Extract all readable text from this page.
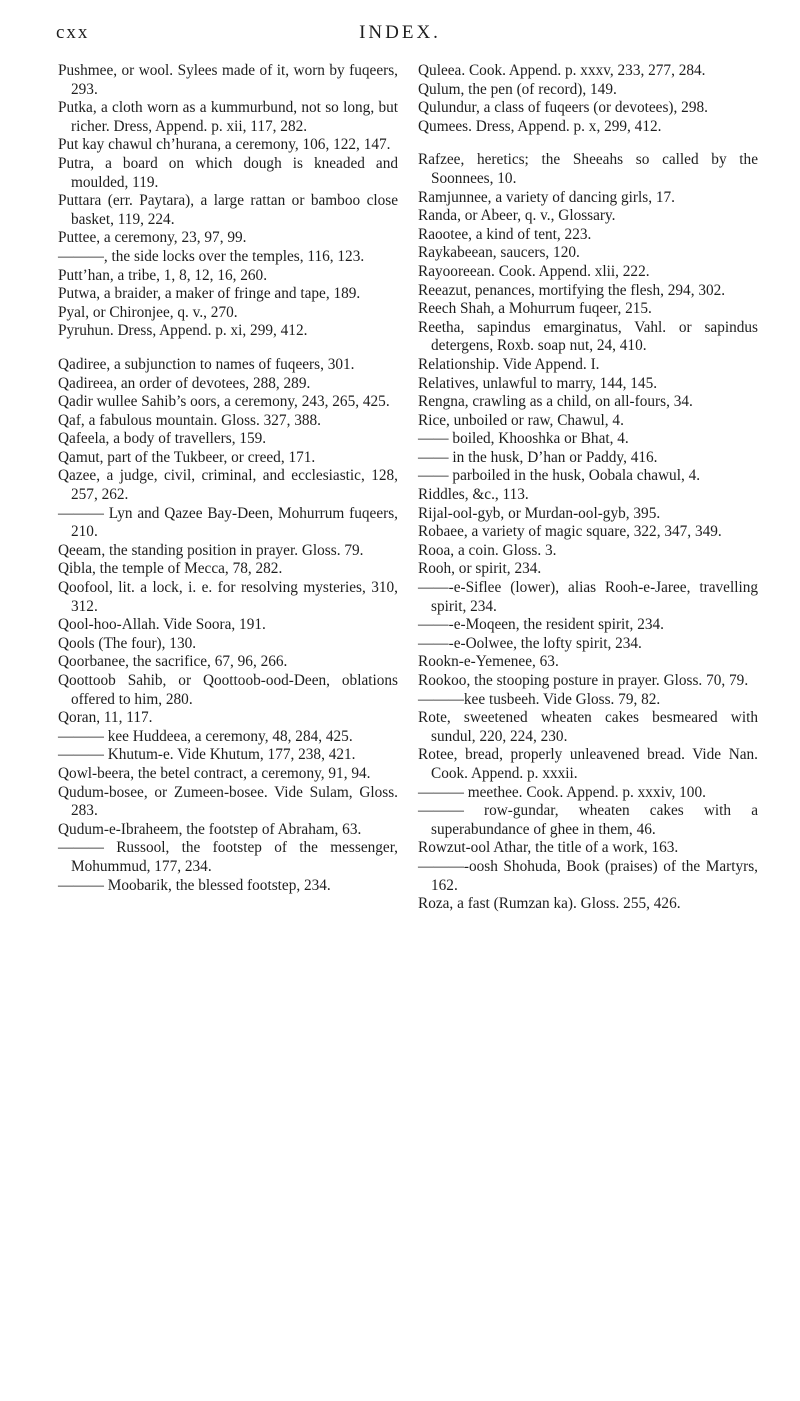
cxx	INDEX.

Pushmee, or wool. Sylees made of it, worn by fuqeers, 293.

Putka, a cloth worn as a kummurbund, not so long, but richer. Dress, Append. p. xii, 117, 282.

Put kay chawul ch’hurana, a ceremony, 106, 122, 147.

Putra, a board on which dough is kneaded and moulded, 119.

Puttara (err. Paytara), a large rattan or bamboo close basket, 119, 224.

Puttee, a ceremony, 23, 97, 99.

———, the side locks over the temples, 116, 123.

Putt’han, a tribe, 1, 8, 12, 16, 260.

Putwa, a braider, a maker of fringe and tape, 189.

Pyal, or Chironjee, q. v., 270.

Pyruhun. Dress, Append. p. xi, 299, 412.

Qadiree, a subjunction to names of fuqeers, 301.

Qadireea, an order of devotees, 288, 289.

Qadir wullee Sahib’s oors, a ceremony, 243, 265, 425.

Qaf, a fabulous mountain. Gloss. 327, 388.

Qafeela, a body of travellers, 159.

Qamut, part of the Tukbeer, or creed, 171.

Qazee, a judge, civil, criminal, and ecclesiastic, 128, 257, 262.

——— Lyn and Qazee Bay-Deen, Mohurrum fuqeers, 210.

Qeeam, the standing position in prayer. Gloss. 79.

Qibla, the temple of Mecca, 78, 282.

Qoofool, lit. a lock, i. e. for resolving mysteries, 310, 312.

Qool-hoo-Allah. Vide Soora, 191.

Qools (The four), 130.

Qoorbanee, the sacrifice, 67, 96, 266.

Qoottoob Sahib, or Qoottoob-ood-Deen, oblations offered to him, 280.

Qoran, 11, 117.

——— kee Huddeea, a ceremony, 48, 284, 425.

——— Khutum-e. Vide Khutum, 177, 238, 421.

Qowl-beera, the betel contract, a ceremony, 91, 94.

Qudum-bosee, or Zumeen-bosee. Vide Sulam, Gloss. 283.

Qudum-e-Ibraheem, the footstep of Abraham, 63.

——— Russool, the footstep of the messenger, Mohummud, 177, 234.

——— Moobarik, the blessed footstep, 234.

Quleea. Cook. Append. p. xxxv, 233, 277, 284.

Qulum, the pen (of record), 149.

Qulundur, a class of fuqeers (or devotees), 298.

Qumees. Dress, Append. p. x, 299, 412.

Rafzee, heretics; the Sheeahs so called by the Soonnees, 10.

Ramjunnee, a variety of dancing girls, 17.

Randa, or Abeer, q. v., Glossary.

Raootee, a kind of tent, 223.

Raykabeean, saucers, 120.

Rayooreean. Cook. Append. xlii, 222.

Reeazut, penances, mortifying the flesh, 294, 302.

Reech Shah, a Mohurrum fuqeer, 215.

Reetha, sapindus emarginatus, Vahl. or sapindus detergens, Roxb. soap nut, 24, 410.

Relationship. Vide Append. I.

Relatives, unlawful to marry, 144, 145.

Rengna, crawling as a child, on all-fours, 34.

Rice, unboiled or raw, Chawul, 4.

—— boiled, Khooshka or Bhat, 4.

—— in the husk, D’han or Paddy, 416.

—— parboiled in the husk, Oobala chawul, 4.

Riddles, &c., 113.

Rijal-ool-gyb, or Murdan-ool-gyb, 395.

Robaee, a variety of magic square, 322, 347, 349.

Rooa, a coin. Gloss. 3.

Rooh, or spirit, 234.

——-e-Siflee (lower), alias Rooh-e-Jaree, travelling spirit, 234.

——-e-Moqeen, the resident spirit, 234.

——-e-Oolwee, the lofty spirit, 234.

Rookn-e-Yemenee, 63.

Rookoo, the stooping posture in prayer. Gloss. 70, 79.

———kee tusbeeh. Vide Gloss. 79, 82.

Rote, sweetened wheaten cakes besmeared with sundul, 220, 224, 230.

Rotee, bread, properly unleavened bread. Vide Nan. Cook. Append. p. xxxii.

——— meethee. Cook. Append. p. xxxiv, 100.

——— row-gundar, wheaten cakes with a superabundance of ghee in them, 46.

Rowzut-ool Athar, the title of a work, 163.

———-oosh Shohuda, Book (praises) of the Martyrs, 162.

Roza, a fast (Rumzan ka). Gloss. 255, 426.
